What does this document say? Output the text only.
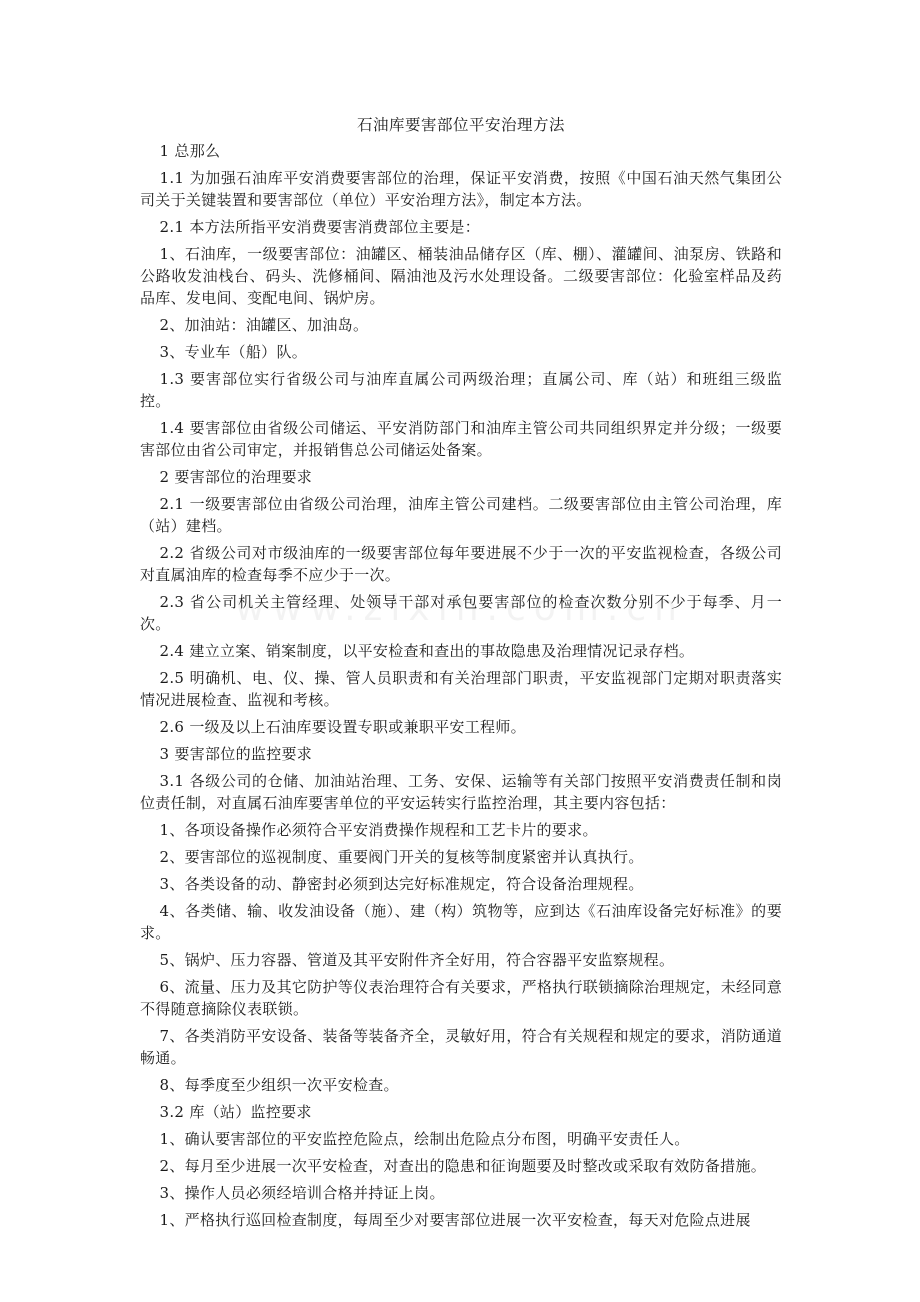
石油库要害部位平安治理方法
1 总那么
1.1 为加强石油库平安消费要害部位的治理，保证平安消费，按照《中国石油天然气集团公司关于关键装置和要害部位（单位）平安治理方法》，制定本方法。
2.1 本方法所指平安消费要害消费部位主要是：
1、石油库，一级要害部位：油罐区、桶装油品储存区（库、棚）、灌罐间、油泵房、铁路和公路收发油栈台、码头、洗修桶间、隔油池及污水处理设备。二级要害部位：化验室样品及药品库、发电间、变配电间、锅炉房。
2、加油站：油罐区、加油岛。
3、专业车（船）队。
1.3 要害部位实行省级公司与油库直属公司两级治理；直属公司、库（站）和班组三级监控。
1.4 要害部位由省级公司储运、平安消防部门和油库主管公司共同组织界定并分级；一级要害部位由省公司审定，并报销售总公司储运处备案。
2 要害部位的治理要求
2.1 一级要害部位由省级公司治理，油库主管公司建档。二级要害部位由主管公司治理，库（站）建档。
2.2 省级公司对市级油库的一级要害部位每年要进展不少于一次的平安监视检查，各级公司对直属油库的检查每季不应少于一次。
2.3 省公司机关主管经理、处领导干部对承包要害部位的检查次数分别不少于每季、月一次。
2.4 建立立案、销案制度，以平安检查和查出的事故隐患及治理情况记录存档。
2.5 明确机、电、仪、操、管人员职责和有关治理部门职责，平安监视部门定期对职责落实情况进展检查、监视和考核。
2.6 一级及以上石油库要设置专职或兼职平安工程师。
3 要害部位的监控要求
3.1 各级公司的仓储、加油站治理、工务、安保、运输等有关部门按照平安消费责任制和岗位责任制，对直属石油库要害单位的平安运转实行监控治理，其主要内容包括：
1、各项设备操作必须符合平安消费操作规程和工艺卡片的要求。
2、要害部位的巡视制度、重要阀门开关的复核等制度紧密并认真执行。
3、各类设备的动、静密封必须到达完好标准规定，符合设备治理规程。
4、各类储、输、收发油设备（施）、建（构）筑物等，应到达《石油库设备完好标准》的要求。
5、锅炉、压力容器、管道及其平安附件齐全好用，符合容器平安监察规程。
6、流量、压力及其它防护等仪表治理符合有关要求，严格执行联锁摘除治理规定，未经同意不得随意摘除仪表联锁。
7、各类消防平安设备、装备等装备齐全，灵敏好用，符合有关规程和规定的要求，消防通道畅通。
8、每季度至少组织一次平安检查。
3.2 库（站）监控要求
1、确认要害部位的平安监控危险点，绘制出危险点分布图，明确平安责任人。
2、每月至少进展一次平安检查，对查出的隐患和征询题要及时整改或采取有效防备措施。
3、操作人员必须经培训合格并持证上岗。
1、严格执行巡回检查制度，每周至少对要害部位进展一次平安检查，每天对危险点进展
